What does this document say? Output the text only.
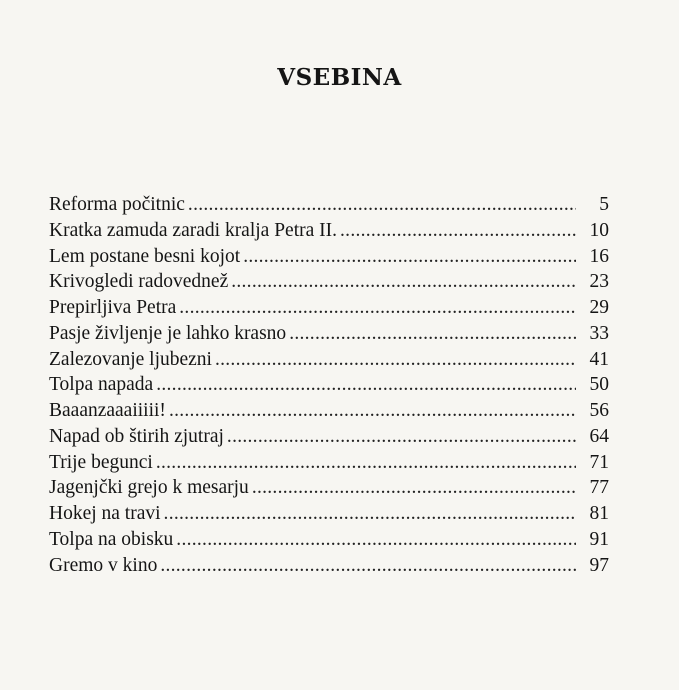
VSEBINA
Reforma počitnic . . .	5
Kratka zamuda zaradi kralja Petra II. . . .	10
Lem postane besni kojot . . .	16
Krivogledi radovednež . . .	23
Prepirljiva Petra . . .	29
Pasje življenje je lahko krasno . . .	33
Zalezovanje ljubezni . . .	41
Tolpa napada . . .	50
Baaanzaaaiiiii! . . .	56
Napad ob štirih zjutraj . . .	64
Trije begunci . . .	71
Jagenjčki grejo k mesarju . . .	77
Hokej na travi . . .	81
Tolpa na obisku . . .	91
Gremo v kino . . .	97
